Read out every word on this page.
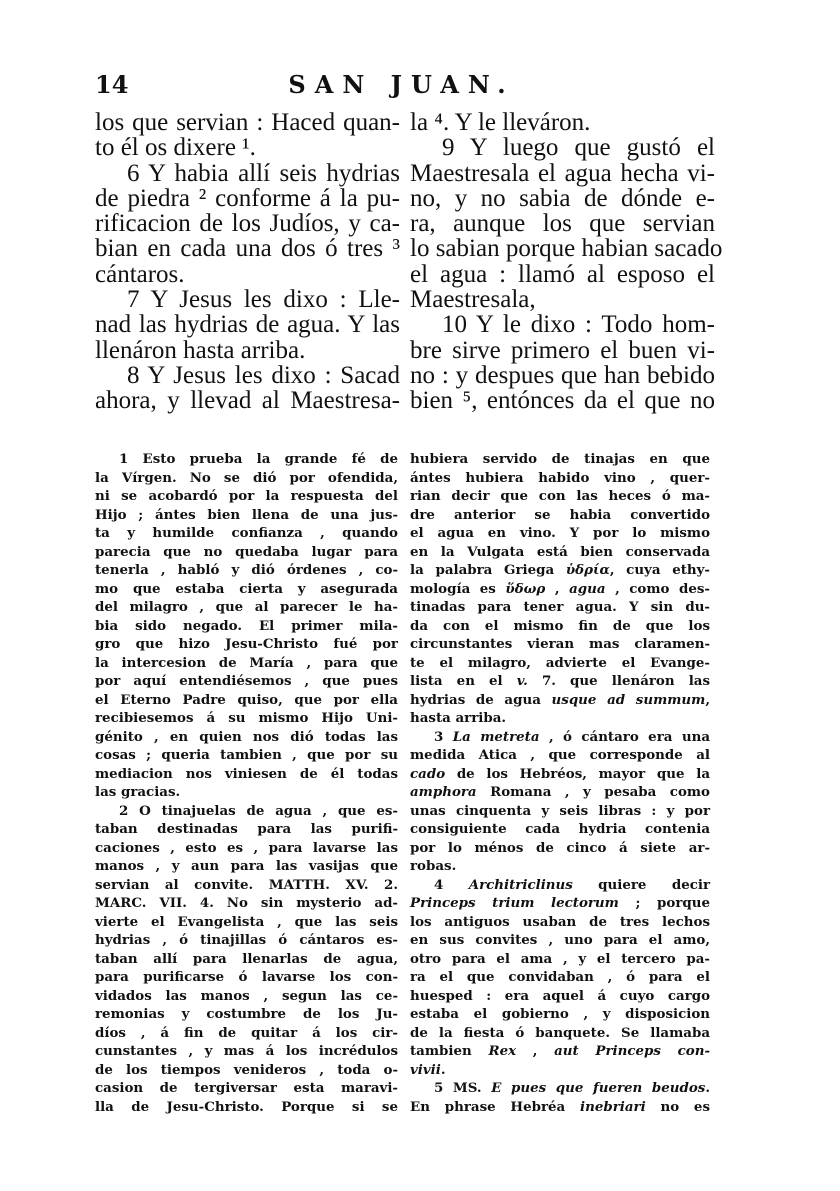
14	SAN JUAN.
los que servian : Haced quan-
to él os dixere ¹.
6 Y habia allí seis hydrias
de piedra ² conforme á la pu-
rificacion de los Judíos, y ca-
bian en cada una dos ó tres ³
cántaros.
7 Y Jesus les dixo : Lle-
nad las hydrias de agua. Y las
llenáron hasta arriba.
8 Y Jesus les dixo : Sacad
ahora, y llevad al Maestresa-
la ⁴. Y le lleváron.
9 Y luego que gustó el
Maestresala el agua hecha vi-
no, y no sabia de dónde e-
ra, aunque los que servian
lo sabian porque habian sacado
el agua : llamó al esposo el
Maestresala,
10 Y le dixo : Todo hom-
bre sirve primero el buen vi-
no : y despues que han bebido
bien ⁵, entónces da el que no
1 Esto prueba la grande fé de
la Vírgen. No se dió por ofendida,
ni se acobardó por la respuesta del
Hijo ; ántes bien llena de una jus-
ta y humilde confianza , quando
parecia que no quedaba lugar para
tenerla , habló y dió órdenes , co-
mo que estaba cierta y asegurada
del milagro , que al parecer le ha-
bia sido negado. El primer mila-
gro que hizo Jesu-Christo fué por
la intercesion de María , para que
por aquí entendiésemos , que pues
el Eterno Padre quiso, que por ella
recibiesemos á su mismo Hijo Uni-
génito , en quien nos dió todas las
cosas ; queria tambien , que por su
mediacion nos viniesen de él todas
las gracias.
2 O tinajuelas de agua , que es-
taban destinadas para las purifi-
caciones , esto es , para lavarse las
manos , y aun para las vasijas que
servian al convite. MATTH. XV. 2.
MARC. VII. 4. No sin mysterio ad-
vierte el Evangelista , que las seis
hydrias , ó tinajillas ó cántaros es-
taban allí para llenarlas de agua,
para purificarse ó lavarse los con-
vidados las manos , segun las ce-
remonias y costumbre de los Ju-
díos , á fin de quitar á los cir-
cunstantes , y mas á los incrédulos
de los tiempos venideros , toda o-
casion de tergiversar esta maravi-
lla de Jesu-Christo. Porque si se
hubiera servido de tinajas en que
ántes hubiera habido vino , quer-
rian decir que con las heces ó ma-
dre anterior se habia convertido
el agua en vino. Y por lo mismo
en la Vulgata está bien conservada
la palabra Griega ὑδρία, cuya ethy-
mología es ὕδωρ , agua , como des-
tinadas para tener agua. Y sin du-
da con el mismo fin de que los
circunstantes vieran mas claramen-
te el milagro, advierte el Evange-
lista en el v. 7. que llenáron las
hydrias de agua usque ad summum,
hasta arriba.
3 La metreta , ó cántaro era una
medida Atica , que corresponde al
cado de los Hebréos, mayor que la
amphora Romana , y pesaba como
unas cinquenta y seis libras : y por
consiguiente cada hydria contenia
por lo ménos de cinco á siete ar-
robas.
4 Architriclinus quiere decir
Princeps trium lectorum ; porque
los antiguos usaban de tres lechos
en sus convites , uno para el amo,
otro para el ama , y el tercero pa-
ra el que convidaban , ó para el
huesped : era aquel á cuyo cargo
estaba el gobierno , y disposicion
de la fiesta ó banquete. Se llamaba
tambien Rex , aut Princeps con-
vivii.
5 MS. E pues que fueren beudos.
En phrase Hebréa inebriari no es
